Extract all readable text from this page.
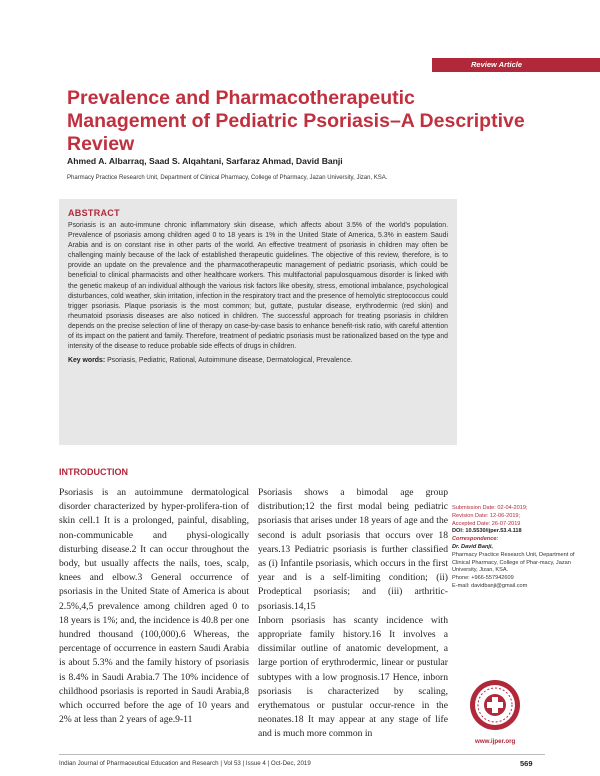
Review Article
Prevalence and Pharmacotherapeutic Management of Pediatric Psoriasis–A Descriptive Review
Ahmed A. Albarraq, Saad S. Alqahtani, Sarfaraz Ahmad, David Banji
Pharmacy Practice Research Unit, Department of Clinical Pharmacy, College of Pharmacy, Jazan University, Jizan, KSA.
ABSTRACT

Psoriasis is an auto-immune chronic inflammatory skin disease, which affects about 3.5% of the world’s population. Prevalence of psoriasis among children aged 0 to 18 years is 1% in the United State of America, 5.3% in eastern Saudi Arabia and is on constant rise in other parts of the world. An effective treatment of psoriasis in children may often be challenging mainly because of the lack of established therapeutic guidelines. The objective of this review, therefore, is to provide an update on the prevalence and the pharmacotherapeutic management of pediatric psoriasis, which could be beneficial to clinical pharmacists and other healthcare workers. This multifactorial papulosquamous disorder is linked with the genetic makeup of an individual although the various risk factors like obesity, stress, emotional imbalance, psychological disturbances, cold weather, skin irritation, infection in the respiratory tract and the presence of hemolytic streptococcus could trigger psoriasis. Plaque psoriasis is the most common; but, guttate, pustular disease, erythrodermic (red skin) and rheumatoid psoriasis diseases are also noticed in children. The successful approach for treating psoriasis in children depends on the precise selection of line of therapy on case-by-case basis to enhance benefit-risk ratio, with careful attention of its impact on the patient and family. Therefore, treatment of pediatric psoriasis must be rationalized based on the type and intensity of the disease to reduce probable side effects of drugs in children.

Key words: Psoriasis, Pediatric, Rational, Autoimmune disease, Dermatological, Prevalence.

INTRODUCTION

Psoriasis is an autoimmune dermatological disorder characterized by hyper-prolifera-tion of skin cell.1 It is a prolonged, painful, disabling, non-communicable and physi-ologically disturbing disease.2 It can occur throughout the body, but usually affects the nails, toes, scalp, knees and elbow.3 General occurrence of psoriasis in the United State of America is about 2.5%,4,5 prevalence among children aged 0 to 18 years is 1%; and, the incidence is 40.8 per one hundred thousand (100,000).6 Whereas, the percentage of occurrence in eastern Saudi Arabia is about 5.3% and the family history of psoriasis is 8.4% in Saudi Arabia.7 The 10% incidence of childhood psoriasis is reported in Saudi Arabia,8 which occurred before the age of 10 years and 2% at less than 2 years of age.9-11

Psoriasis shows a bimodal age group distribution;12 the first modal being pediatric psoriasis that arises under 18 years of age and the second is adult psoriasis that occurs over 18 years.13 Pediatric psoriasis is further classified as (i) Infantile psoriasis, which occurs in the first year and is a self-limiting condition; (ii) Prodeptical psoriasis; and (iii) arthritic-psoriasis.14,15

Inborn psoriasis has scanty incidence with appropriate family history.16 It involves a dissimilar outline of anatomic development, a large portion of erythrodermic, linear or pustular subtypes with a low prognosis.17 Hence, inborn psoriasis is characterized by scaling, erythematous or pustular occur-rence in the neonates.18 It may appear at any stage of life and is much more common in

Submission Date: 02-04-2019;
Revision Date: 12-06-2019;
Accepted Date: 26-07-2019
DOI: 10.5530/ijper.53.4.118
Correspondence:
Dr. David Banji,
Pharmacy Practice Research Unit, Department of Clinical Pharmacy, College of Phar-macy, Jazan University, Jizan, KSA.
Phone: +966-557942609
E-mail: davidbanji@gmail.com
www.ijper.org
Indian Journal of Pharmaceutical Education and Research | Vol 53 | Issue 4 | Oct-Dec, 2019	569
